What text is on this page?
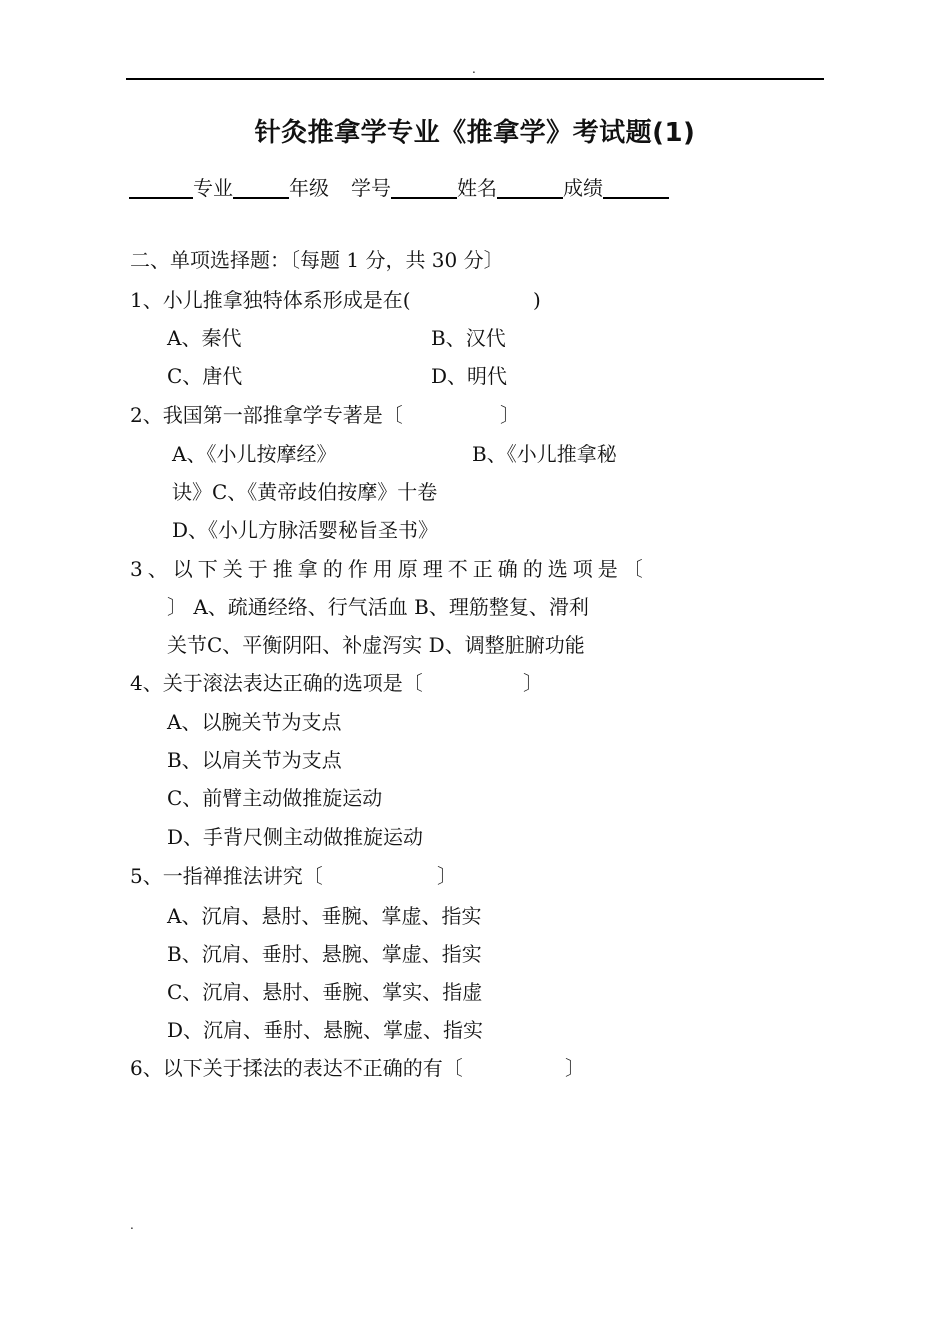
.
针灸推拿学专业《推拿学》考试题(1)
专业	年级 学号	姓名	成绩
二、单项选择题：〔每题 1 分，共 30 分〕
1、小儿推拿独特体系形成是在(	)
A、秦代	B、汉代
C、唐代	D、明代
2、我国第一部推拿学专著是〔	〕
A、《小儿按摩经》	B、《小儿推拿秘
诀》C、《黄帝歧伯按摩》十卷
D、《小儿方脉活婴秘旨圣书》
3、以下关于推拿的作用原理不正确的选项是〔
〕 A、疏通经络、行气活血 B、理筋整复、滑利
关节C、平衡阴阳、补虚泻实 D、调整脏腑功能
4、关于滚法表达正确的选项是〔	〕
A、以腕关节为支点
B、以肩关节为支点
C、前臂主动做推旋运动
D、手背尺侧主动做推旋运动
5、一指禅推法讲究〔	〕
A、沉肩、悬肘、垂腕、掌虚、指实
B、沉肩、垂肘、悬腕、掌虚、指实
C、沉肩、悬肘、垂腕、掌实、指虚
D、沉肩、垂肘、悬腕、掌虚、指实
6、以下关于揉法的表达不正确的有〔	〕
.
